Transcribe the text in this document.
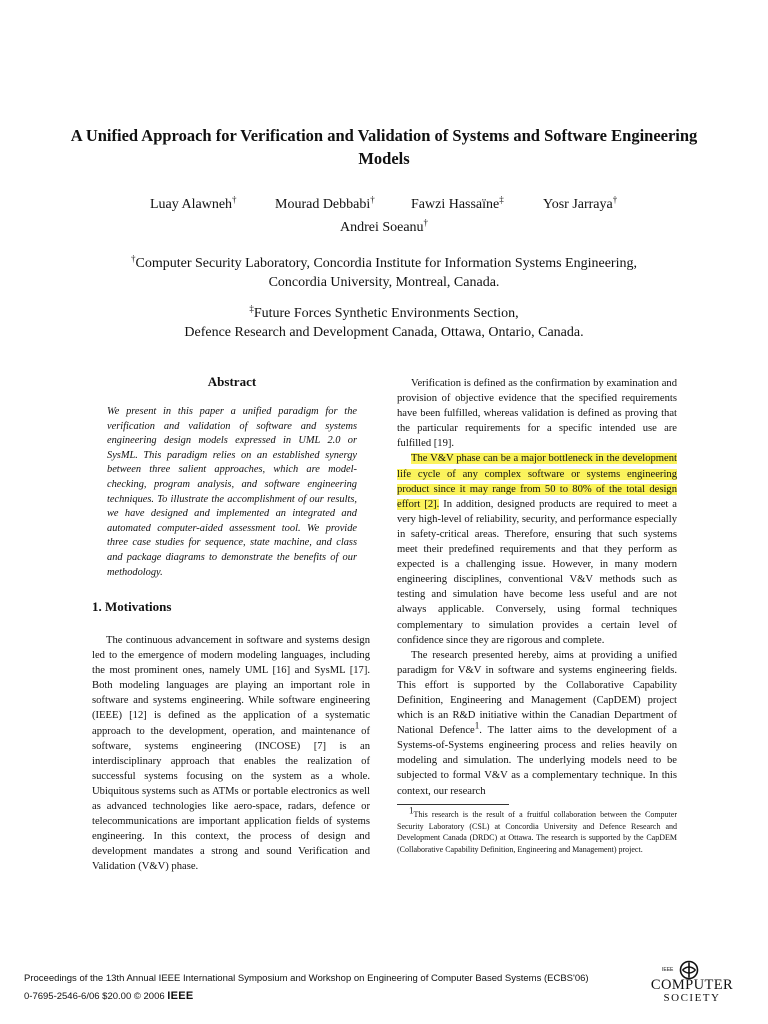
A Unified Approach for Verification and Validation of Systems and Software Engineering Models
Luay Alawneh†	Mourad Debbabi†	Fawzi Hassaïne‡	Yosr Jarraya†
Andrei Soeanu†
†Computer Security Laboratory, Concordia Institute for Information Systems Engineering,
Concordia University, Montreal, Canada.
‡Future Forces Synthetic Environments Section,
Defence Research and Development Canada, Ottawa, Ontario, Canada.
Abstract
We present in this paper a unified paradigm for the verification and validation of software and systems engineering design models expressed in UML 2.0 or SysML. This paradigm relies on an established synergy between three salient approaches, which are model-checking, program analysis, and software engineering techniques. To illustrate the accomplishment of our results, we have designed and implemented an integrated and automated computer-aided assessment tool. We provide three case studies for sequence, state machine, and class and package diagrams to demonstrate the benefits of our methodology.
1. Motivations
The continuous advancement in software and systems design led to the emergence of modern modeling languages, including the most prominent ones, namely UML [16] and SysML [17]. Both modeling languages are playing an important role in software and systems engineering. While software engineering (IEEE) [12] is defined as the application of a systematic approach to the development, operation, and maintenance of software, systems engineering (INCOSE) [7] is an interdisciplinary approach that enables the realization of successful systems focusing on the system as a whole. Ubiquitous systems such as ATMs or portable electronics as well as advanced technologies like aero-space, radars, defence or telecommunications are important application fields of systems engineering. In this context, the process of design and development mandates a strong and sound Verification and Validation (V&V) phase.

Verification is defined as the confirmation by examination and provision of objective evidence that the specified requirements have been fulfilled, whereas validation is defined as proving that the particular requirements for a specific intended use are fulfilled [19].

The V&V phase can be a major bottleneck in the development life cycle of any complex software or systems engineering product since it may range from 50 to 80% of the total design effort [2]. In addition, designed products are required to meet a very high-level of reliability, security, and performance especially in safety-critical areas. Therefore, ensuring that such systems meet their predefined requirements and that they perform as expected is a challenging issue. However, in many modern engineering disciplines, conventional V&V methods such as testing and simulation have become less useful and are not always applicable. Conversely, using formal techniques complementary to simulation provides a certain level of confidence since they are rigorous and complete.

The research presented hereby, aims at providing a unified paradigm for V&V in software and systems engineering fields. This effort is supported by the Collaborative Capability Definition, Engineering and Management (CapDEM) project which is an R&D initiative within the Canadian Department of National Defence$^1$. The latter aims to the development of a Systems-of-Systems engineering process and relies heavily on modeling and simulation. The underlying models need to be subjected to formal V&V as a complementary technique. In this context, our research

$^1$This research is the result of a fruitful collaboration between the Computer Security Laboratory (CSL) at Concordia University and Defence Research and Development Canada (DRDC) at Ottawa. The research is supported by the CapDEM (Collaborative Capability Definition, Engineering and Management) project.
Proceedings of the 13th Annual IEEE International Symposium and Workshop on Engineering of Computer Based Systems (ECBS'06)
0-7695-2546-6/06 $20.00 © 2006 IEEE
IEEE
COMPUTER
SOCIETY
